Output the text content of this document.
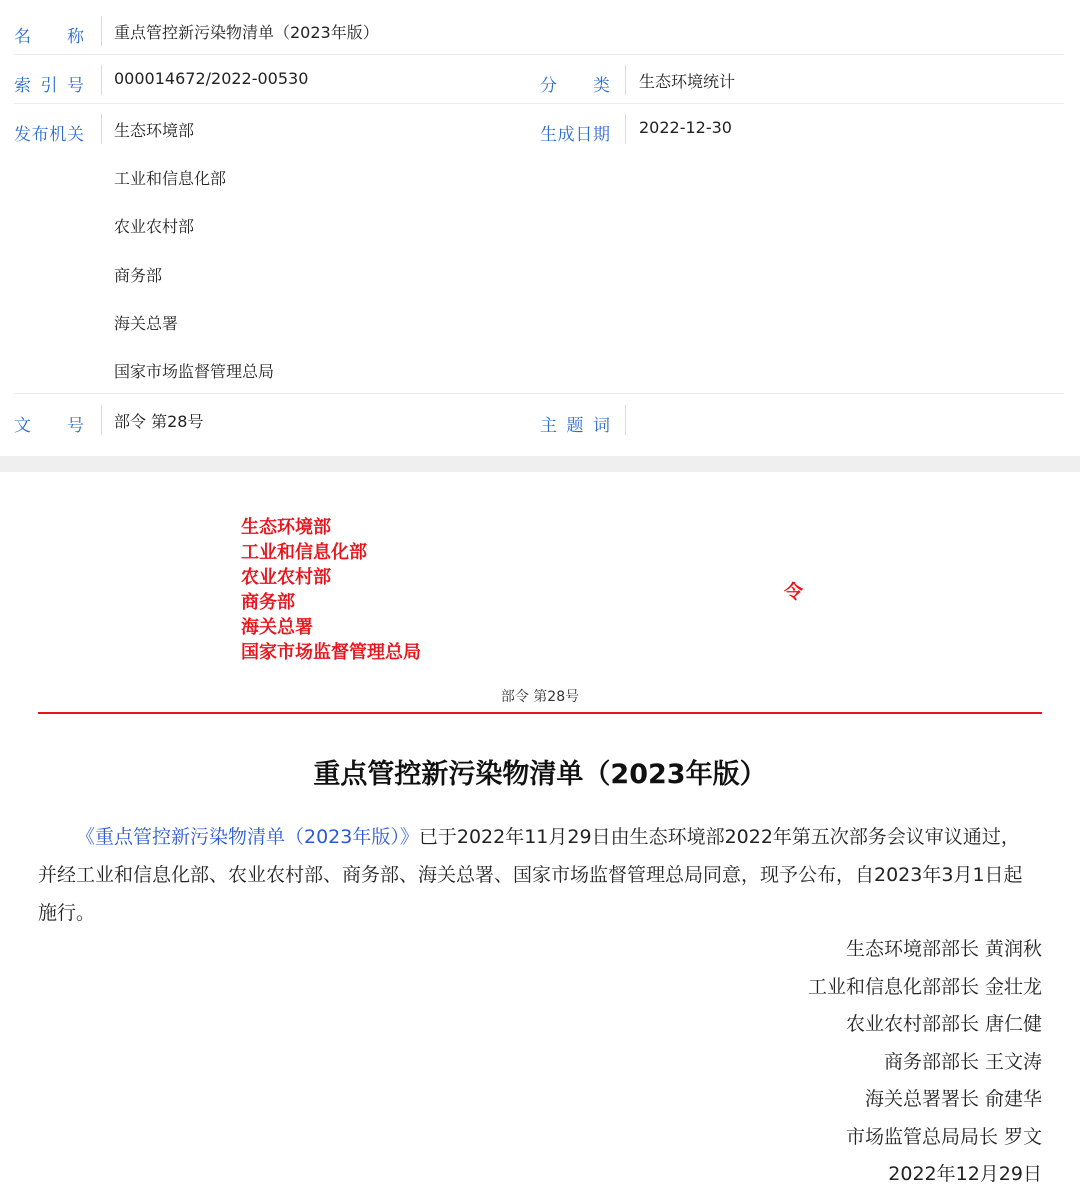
名 称 重点管控新污染物清单（2023年版）
索引号 000014672/2022-00530	分 类 生态环境统计
发布机关 生态环境部
工业和信息化部
农业农村部
商务部
海关总署
国家市场监督管理总局
生成日期 2022-12-30
文 号 部令 第28号	主题词
生态环境部
工业和信息化部
农业农村部
商务部
海关总署
国家市场监督管理总局
令
部令 第28号
重点管控新污染物清单（2023年版）

《重点管控新污染物清单（2023年版）》已于2022年11月29日由生态环境部2022年第五次部务会议审议通过，并经工业和信息化部、农业农村部、商务部、海关总署、国家市场监督管理总局同意，现予公布，自2023年3月1日起施行。

生态环境部部长 黄润秋
工业和信息化部部长 金壮龙
农业农村部部长 唐仁健
商务部部长 王文涛
海关总署署长 俞建华
市场监管总局局长 罗文
2022年12月29日
